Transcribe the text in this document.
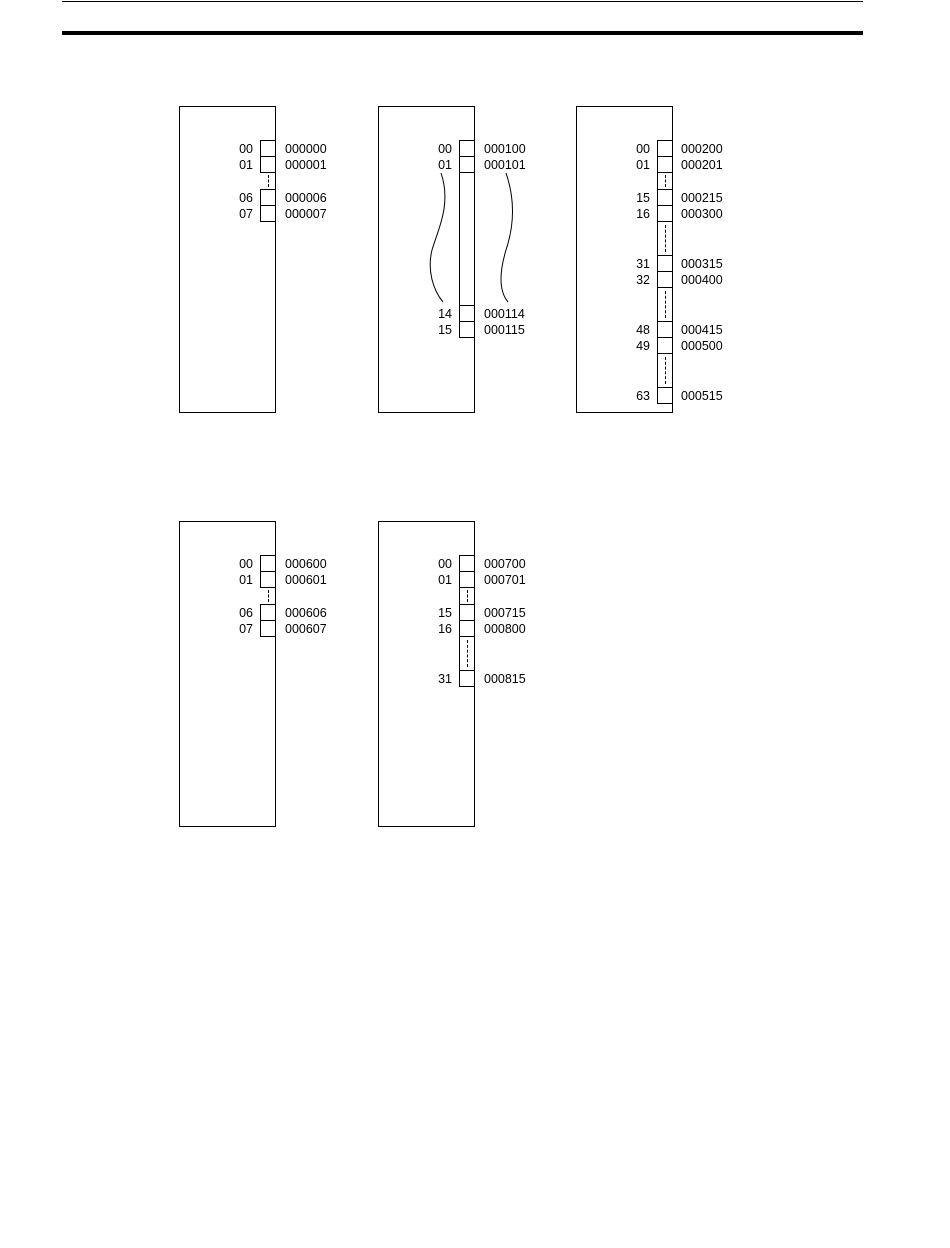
00
01
06
07
000000
000001
000006
000007
00
01
14
15
000100
000101
000114
000115
00
01
15
16
31
32
48
49
63
000200
000201
000215
000300
000315
000400
000415
000500
000515
00
01
06
07
000600
000601
000606
000607
00
01
15
16
31
000700
000701
000715
000800
000815
